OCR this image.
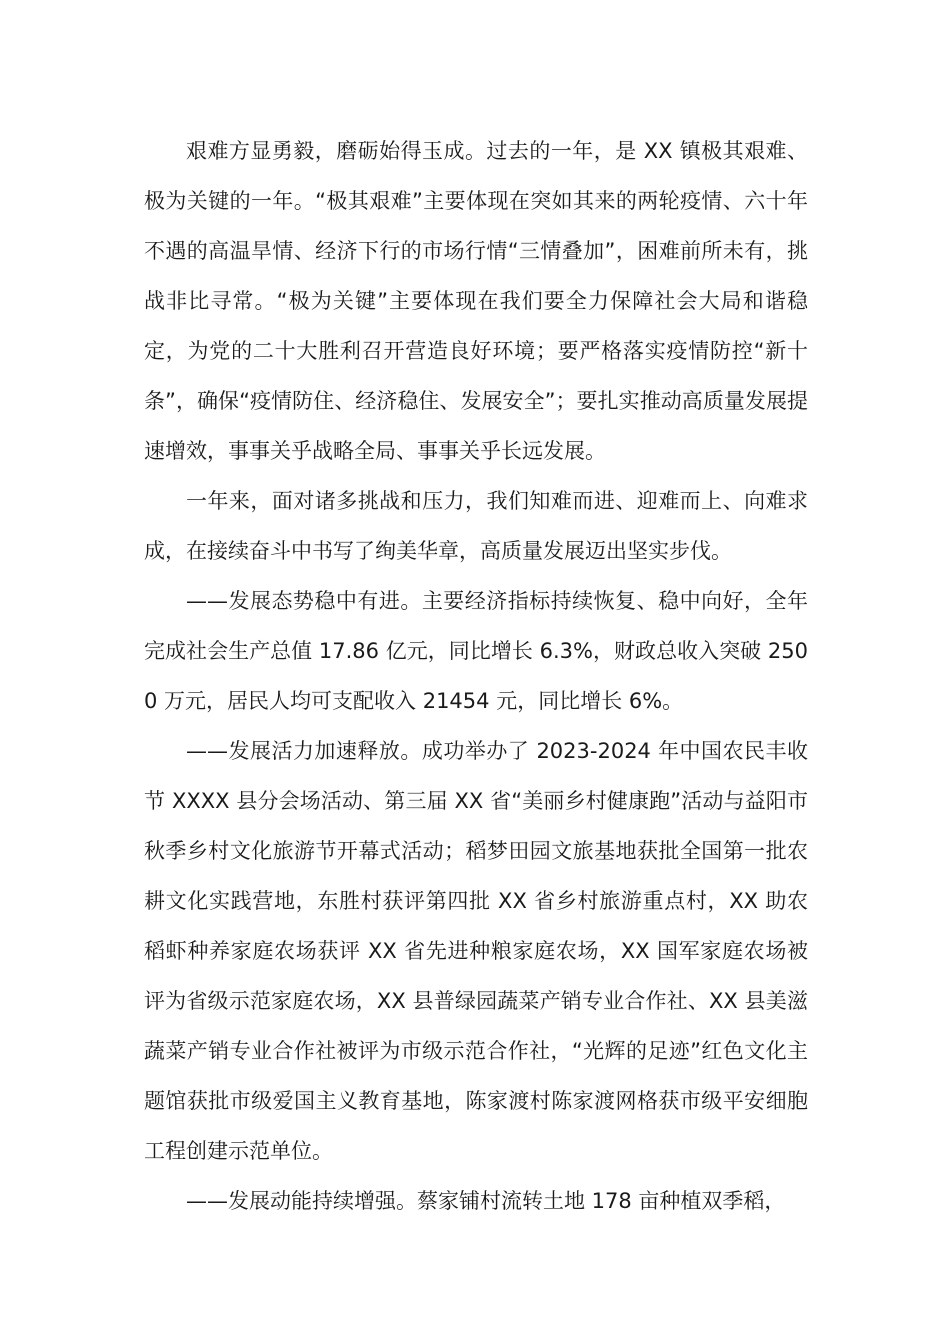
艰难方显勇毅，磨砺始得玉成。过去的一年，是 XX 镇极其艰难、极为关键的一年。“极其艰难”主要体现在突如其来的两轮疫情、六十年不遇的高温旱情、经济下行的市场行情“三情叠加”，困难前所未有，挑战非比寻常。“极为关键”主要体现在我们要全力保障社会大局和谐稳定，为党的二十大胜利召开营造良好环境；要严格落实疫情防控“新十条”，确保“疫情防住、经济稳住、发展安全”；要扎实推动高质量发展提速增效，事事关乎战略全局、事事关乎长远发展。

一年来，面对诸多挑战和压力，我们知难而进、迎难而上、向难求成，在接续奋斗中书写了绚美华章，高质量发展迈出坚实步伐。

——发展态势稳中有进。主要经济指标持续恢复、稳中向好，全年完成社会生产总值 17.86 亿元，同比增长 6.3%，财政总收入突破 2500 万元，居民人均可支配收入 21454 元，同比增长 6%。

——发展活力加速释放。成功举办了 2023-2024 年中国农民丰收节 XXXX 县分会场活动、第三届 XX 省“美丽乡村健康跑”活动与益阳市秋季乡村文化旅游节开幕式活动；稻梦田园文旅基地获批全国第一批农耕文化实践营地，东胜村获评第四批 XX 省乡村旅游重点村，XX 助农稻虾种养家庭农场获评 XX 省先进种粮家庭农场，XX 国军家庭农场被评为省级示范家庭农场，XX 县普绿园蔬菜产销专业合作社、XX 县美滋蔬菜产销专业合作社被评为市级示范合作社，“光辉的足迹”红色文化主题馆获批市级爱国主义教育基地，陈家渡村陈家渡网格获市级平安细胞工程创建示范单位。

——发展动能持续增强。蔡家铺村流转土地 178 亩种植双季稻，
